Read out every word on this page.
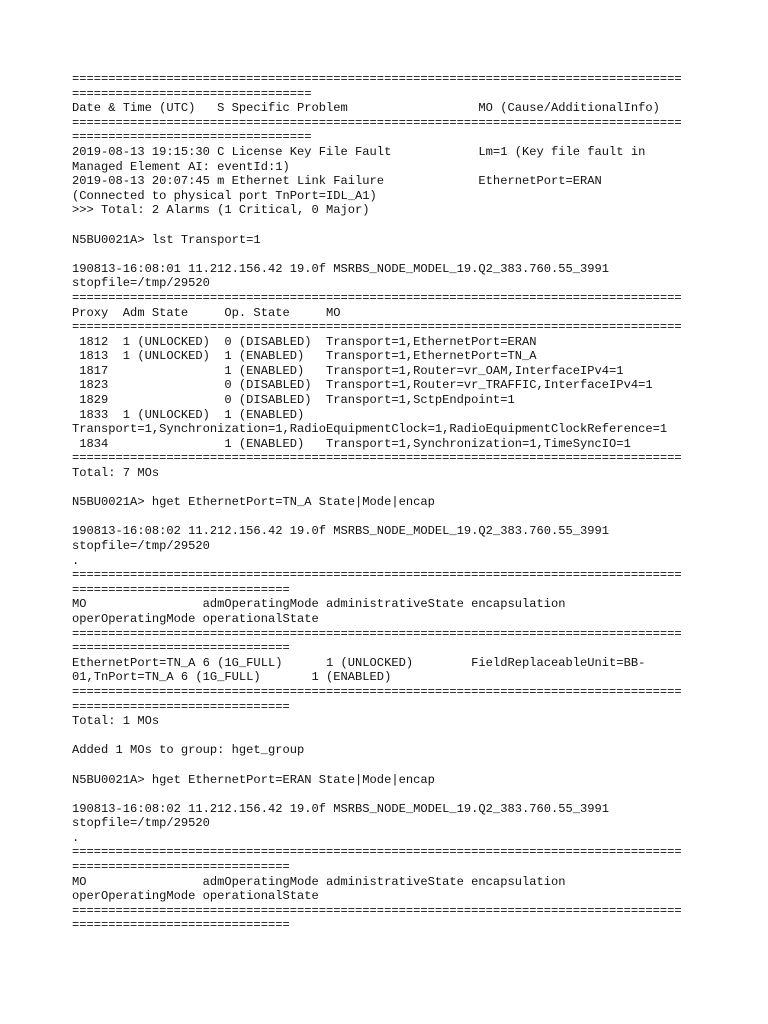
====================================================================================
=================================
Date & Time (UTC)   S Specific Problem                  MO (Cause/AdditionalInfo)
====================================================================================
=================================
2019-08-13 19:15:30 C License Key File Fault            Lm=1 (Key file fault in
Managed Element AI: eventId:1)
2019-08-13 20:07:45 m Ethernet Link Failure             EthernetPort=ERAN
(Connected to physical port TnPort=IDL_A1)
>>> Total: 2 Alarms (1 Critical, 0 Major)
N5BU0021A> lst Transport=1
190813-16:08:01 11.212.156.42 19.0f MSRBS_NODE_MODEL_19.Q2_383.760.55_3991
stopfile=/tmp/29520
====================================================================================
Proxy  Adm State     Op. State     MO
====================================================================================
1812  1 (UNLOCKED)  0 (DISABLED)  Transport=1,EthernetPort=ERAN
1813  1 (UNLOCKED)  1 (ENABLED)   Transport=1,EthernetPort=TN_A
1817                1 (ENABLED)   Transport=1,Router=vr_OAM,InterfaceIPv4=1
1823                0 (DISABLED)  Transport=1,Router=vr_TRAFFIC,InterfaceIPv4=1
1829                0 (DISABLED)  Transport=1,SctpEndpoint=1
1833  1 (UNLOCKED)  1 (ENABLED)
Transport=1,Synchronization=1,RadioEquipmentClock=1,RadioEquipmentClockReference=1
1834                1 (ENABLED)   Transport=1,Synchronization=1,TimeSyncIO=1
====================================================================================
Total: 7 MOs
N5BU0021A> hget EthernetPort=TN_A State|Mode|encap
190813-16:08:02 11.212.156.42 19.0f MSRBS_NODE_MODEL_19.Q2_383.760.55_3991
stopfile=/tmp/29520
.
====================================================================================
==============================
MO                admOperatingMode administrativeState encapsulation
operOperatingMode operationalState
====================================================================================
==============================
EthernetPort=TN_A 6 (1G_FULL)      1 (UNLOCKED)        FieldReplaceableUnit=BB-
01,TnPort=TN_A 6 (1G_FULL)       1 (ENABLED)
====================================================================================
==============================
Total: 1 MOs
Added 1 MOs to group: hget_group
N5BU0021A> hget EthernetPort=ERAN State|Mode|encap
190813-16:08:02 11.212.156.42 19.0f MSRBS_NODE_MODEL_19.Q2_383.760.55_3991
stopfile=/tmp/29520
.
====================================================================================
==============================
MO                admOperatingMode administrativeState encapsulation
operOperatingMode operationalState
====================================================================================
==============================
